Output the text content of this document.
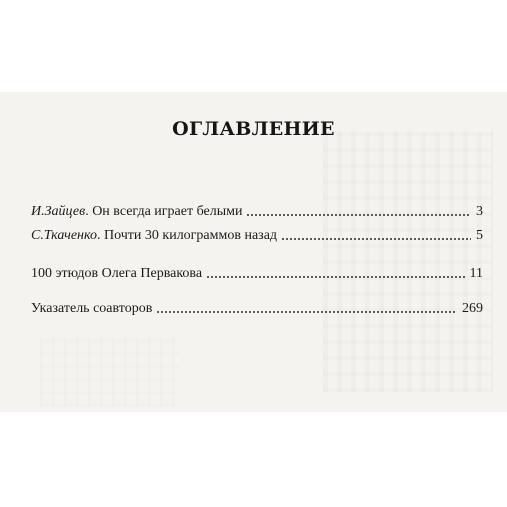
ОГЛАВЛЕНИЕ
И.Зайцев. Он всегда играет белыми	3
С.Ткаченко. Почти 30 килограммов назад	5
100 этюдов Олега Первакова	11
Указатель соавторов	269
